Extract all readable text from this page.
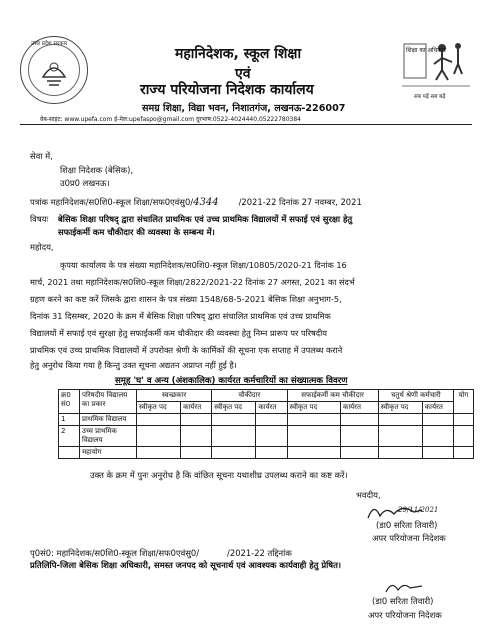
उत्तर प्रदेश सरकार
महानिदेशक, स्कूल शिक्षा
एवं
राज्य परियोजना निदेशक कार्यालय
समग्र शिक्षा, विद्या भवन, निशातगंज, लखनऊ-226007
शिक्षा का अधिकार
सब पढ़ें सब बढ़ें
वेब-साइट: www.upefa.com ई-मेल:upefaspo@gmail.com दूरभाष:0522-4024440,05222780384
सेवा में,
शिक्षा निदेशक (बेसिक),
उ0प्र0 लखनऊ।
पत्रांक महानिदेशक/स0शि0-स्कूल शिक्षा/सफ0एवंसु0/4344 /2021-22 दिनांक 27 नवम्बर, 2021
विषयः बेसिक शिक्षा परिषद् द्वारा संचालित प्राथमिक एवं उच्च प्राथमिक विद्यालयों में सफाई एवं सुरक्षा हेतु
सफाईकर्मी कम चौकीदार की व्यवस्था के सम्बन्ध में।
महोदय,
कृपया कार्यालय के पत्र संख्या महानिदेशक/स0शि0-स्कूल शिक्षा/10805/2020-21 दिनांक 16
मार्च, 2021 तथा महानिदेशक/स0शि0-स्कूल शिक्षा/2822/2021-22 दिनांक 27 अगस्त, 2021 का संदर्भ
ग्रहण करने का कष्ट करें जिसके द्वारा शासन के पत्र संख्या 1548/68-5-2021 बेसिक शिक्षा अनुभाग-5,
दिनांक 31 दिसम्बर, 2020 के क्रम में बेसिक शिक्षा परिषद् द्वारा संचालित प्राथमिक एवं उच्च प्राथमिक
विद्यालयों में सफाई एवं सुरक्षा हेतु सफाईकर्मी कम चौकीदार की व्यवस्था हेतु निम्न प्रारूप पर परिषदीय
प्राथमिक एवं उच्च प्राथमिक विद्यालयों में उपरोक्त श्रेणी के कार्मिकों की सूचना एक सप्ताह में उपलब्ध कराने
हेतु अनुरोध किया गया है किन्तु उक्त सूचना अद्यतन अप्राप्त नहीं हुई है।
समूह 'घ' व अन्य (अंशकालिक) कार्यरत कर्मचारियों का संख्यात्मक विवरण
क्र0 सं0	परिषदीय विद्यालय का प्रकार	स्वच्छकार		चौकीदार		सफाईकर्मी कम चौकीदार		चतुर्थ श्रेणी कर्मचारी		योग
		स्वीकृत पद	कार्यरत	स्वीकृत पद	कार्यरत	स्वीकृत पद	कार्यरत	स्वीकृत पद	कार्यरत	
1	प्राथमिक विद्यालय									
2	उच्च प्राथमिक विद्यालय									
	महायोग									
उक्त के क्रम में पुनः अनुरोध है कि वांछित सूचना यथाशीघ्र उपलब्ध कराने का कष्ट करें।
भवदीय,
29/11/2021
(डा0 सरिता तिवारी)
अपर परियोजना निदेशक
पृ0सं0: महानिदेशक/स0शि0-स्कूल शिक्षा/सफ0एवंसु0/	/2021-22 तद्दिनांक
प्रतिलिपि-जिला बेसिक शिक्षा अधिकारी, समस्त जनपद को सूचनार्थ एवं आवश्यक कार्यवाही हेतु प्रेषित।
(डा0 सरिता तिवारी)
अपर परियोजना निदेशक
